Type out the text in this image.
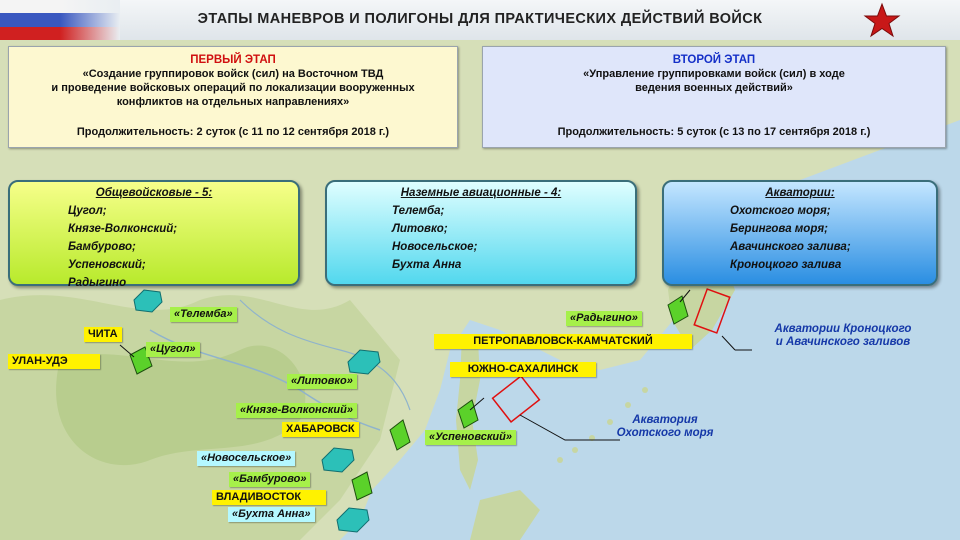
ЭТАПЫ МАНЕВРОВ И ПОЛИГОНЫ ДЛЯ ПРАКТИЧЕСКИХ ДЕЙСТВИЙ ВОЙСК
ПЕРВЫЙ ЭТАП
«Создание группировок войск (сил) на Восточном ТВД
и проведение войсковых операций по локализации вооруженных
конфликтов на отдельных направлениях»
Продолжительность: 2 суток (с 11 по 12 сентября 2018 г.)
ВТОРОЙ ЭТАП
«Управление группировками войск (сил) в ходе
ведения военных действий»
Продолжительность: 5 суток (с 13 по 17 сентября 2018 г.)
Общевойсковые - 5:
Цугол;
Князе-Волконский;
Бамбурово;
Успеновский;
Радыгино
Наземные авиационные - 4:
Телемба;
Литовко;
Новосельское;
Бухта Анна
Акватории:
Охотского моря;
Берингова моря;
Авачинского залива;
Кроноцкого залива
«Телемба»
ЧИТА
«Цугол»
УЛАН-УДЭ
«Литовко»
«Князе-Волконский»
ХАБАРОВСК
«Новосельское»
«Бамбурово»
ВЛАДИВОСТОК
«Бухта Анна»
ПЕТРОПАВЛОВСК-КАМЧАТСКИЙ
ЮЖНО-САХАЛИНСК
«Радыгино»
«Успеновский»
Акватории Кроноцкого
и Авачинского заливов
Акватория
Охотского моря
